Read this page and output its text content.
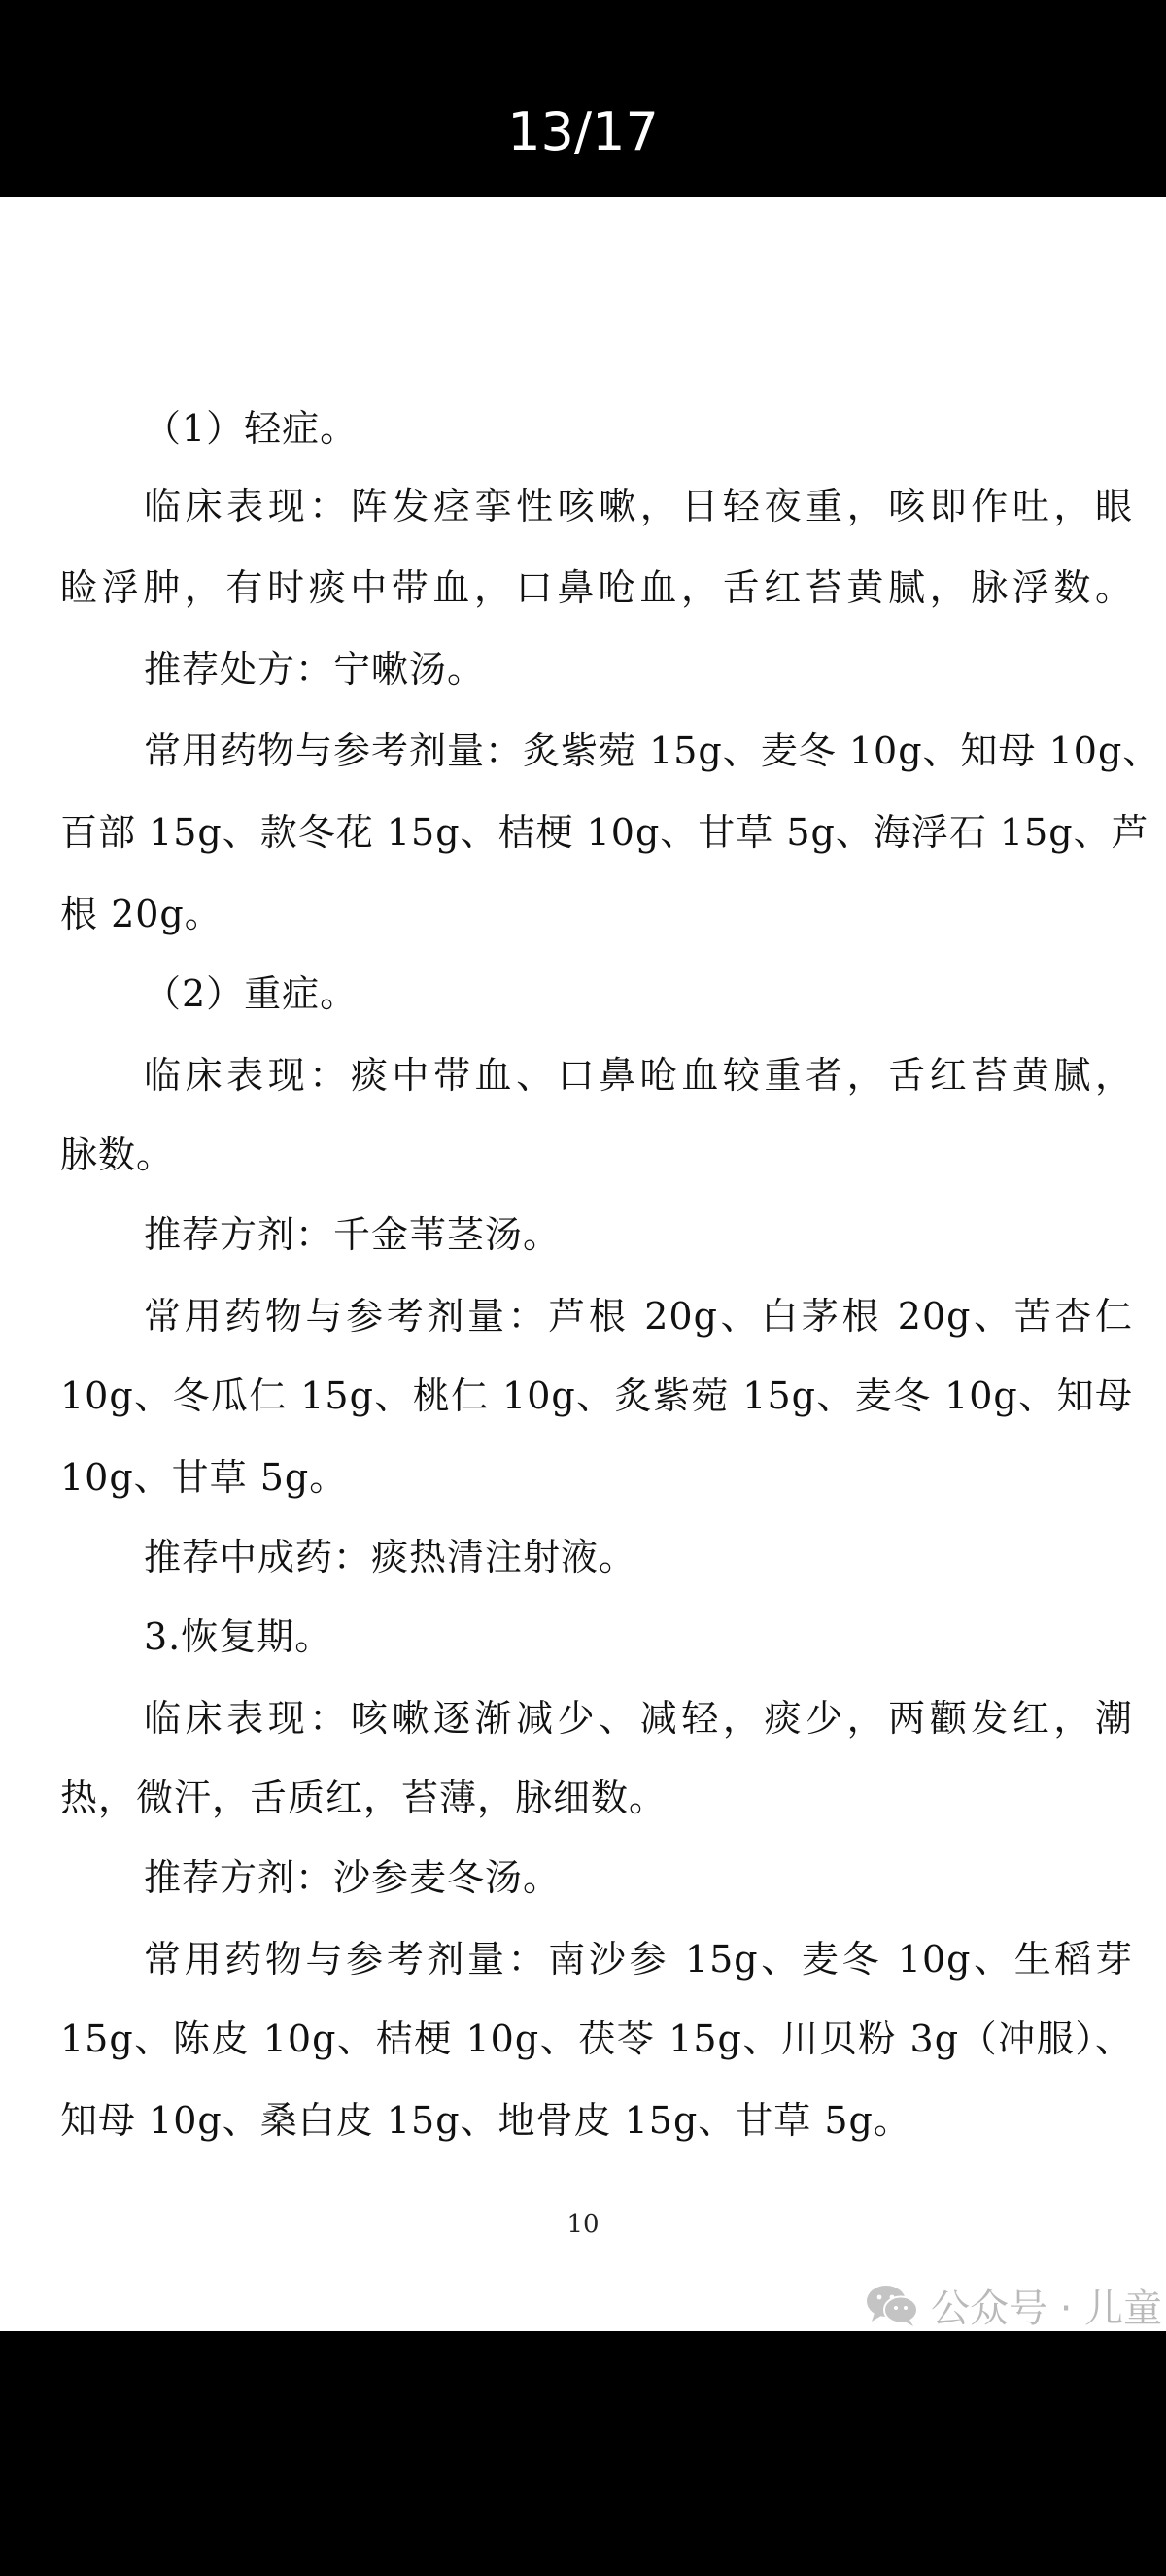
13/17
（1）轻症。
临床表现：阵发痉挛性咳嗽，日轻夜重，咳即作吐，眼
睑浮肿，有时痰中带血，口鼻呛血，舌红苔黄腻，脉浮数。
推荐处方：宁嗽汤。
常用药物与参考剂量：炙紫菀 15g、麦冬 10g、知母 10g、
百部 15g、款冬花 15g、桔梗 10g、甘草 5g、海浮石 15g、芦
根 20g。
（2）重症。
临床表现：痰中带血、口鼻呛血较重者，舌红苔黄腻，
脉数。
推荐方剂：千金苇茎汤。
常用药物与参考剂量：芦根 20g、白茅根 20g、苦杏仁
10g、冬瓜仁 15g、桃仁 10g、炙紫菀 15g、麦冬 10g、知母
10g、甘草 5g。
推荐中成药：痰热清注射液。
3.恢复期。
临床表现：咳嗽逐渐减少、减轻，痰少，两颧发红，潮
热，微汗，舌质红，苔薄，脉细数。
推荐方剂：沙参麦冬汤。
常用药物与参考剂量：南沙参 15g、麦冬 10g、生稻芽
15g、陈皮 10g、桔梗 10g、茯苓 15g、川贝粉 3g（冲服）、
知母 10g、桑白皮 15g、地骨皮 15g、甘草 5g。
10
公众号 · 儿童
